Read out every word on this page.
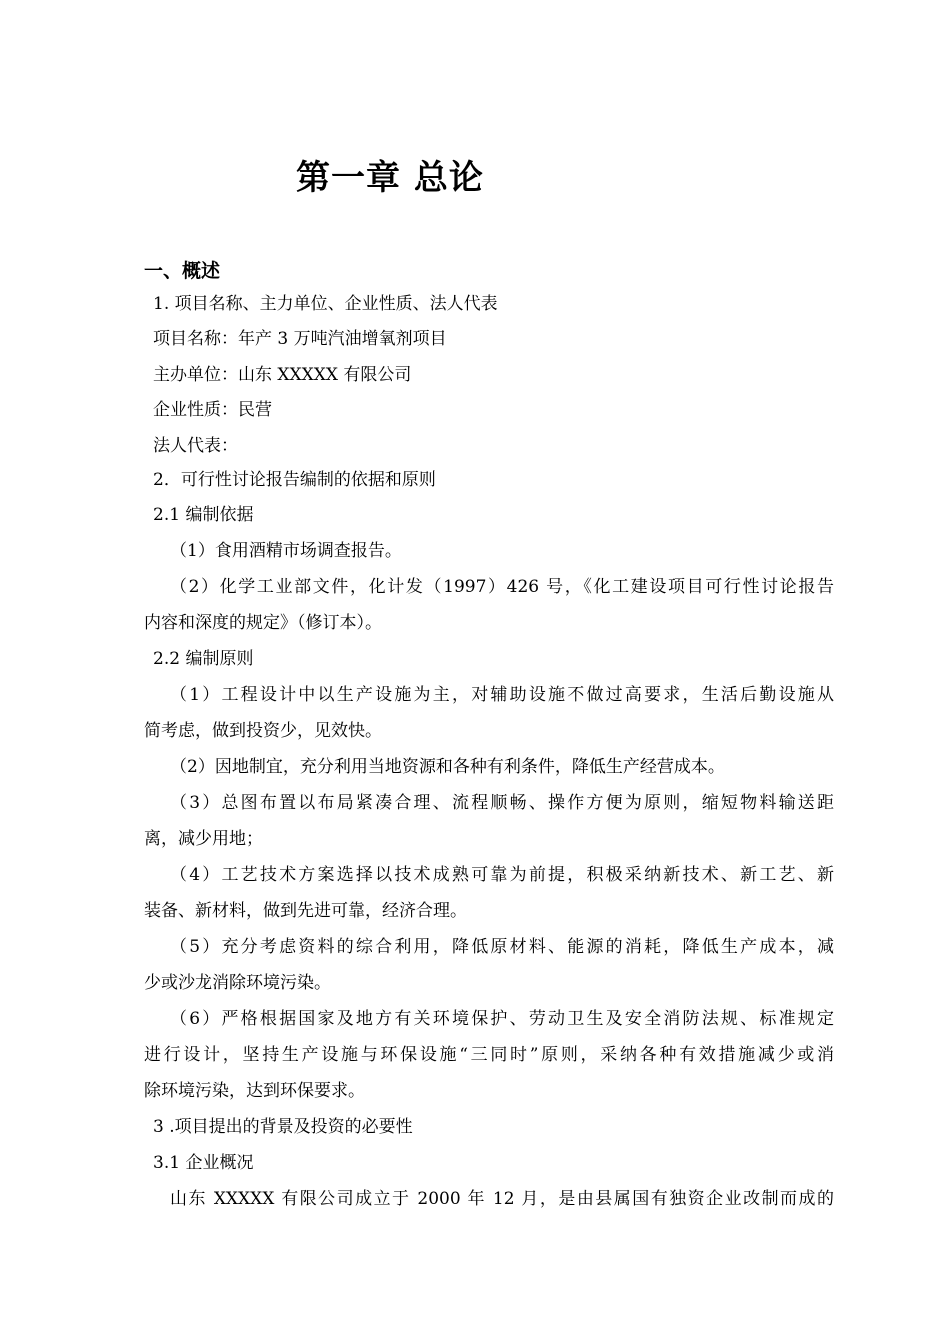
第一章 总论
一、概述
1. 项目名称、主力单位、企业性质、法人代表
项目名称：年产 3 万吨汽油增氧剂项目
主办单位：山东 XXXXX 有限公司
企业性质：民营
法人代表：
2．可行性讨论报告编制的依据和原则
2.1 编制依据
（1）食用酒精市场调查报告。
（2）化学工业部文件，化计发（1997）426 号，《化工建设项目可行性讨论报告
内容和深度的规定》（修订本）。
2.2 编制原则
（1）工程设计中以生产设施为主，对辅助设施不做过高要求，生活后勤设施从
简考虑，做到投资少，见效快。
（2）因地制宜，充分利用当地资源和各种有利条件，降低生产经营成本。
（3）总图布置以布局紧凑合理、流程顺畅、操作方便为原则，缩短物料输送距
离，减少用地；
（4）工艺技术方案选择以技术成熟可靠为前提，积极采纳新技术、新工艺、新
装备、新材料，做到先进可靠，经济合理。
（5）充分考虑资料的综合利用，降低原材料、能源的消耗，降低生产成本，减
少或沙龙消除环境污染。
（6）严格根据国家及地方有关环境保护、劳动卫生及安全消防法规、标准规定
进行设计，坚持生产设施与环保设施“三同时”原则，采纳各种有效措施减少或消
除环境污染，达到环保要求。
3 .项目提出的背景及投资的必要性
3.1 企业概况
山东 XXXXX 有限公司成立于 2000 年 12 月，是由县属国有独资企业改制而成的
